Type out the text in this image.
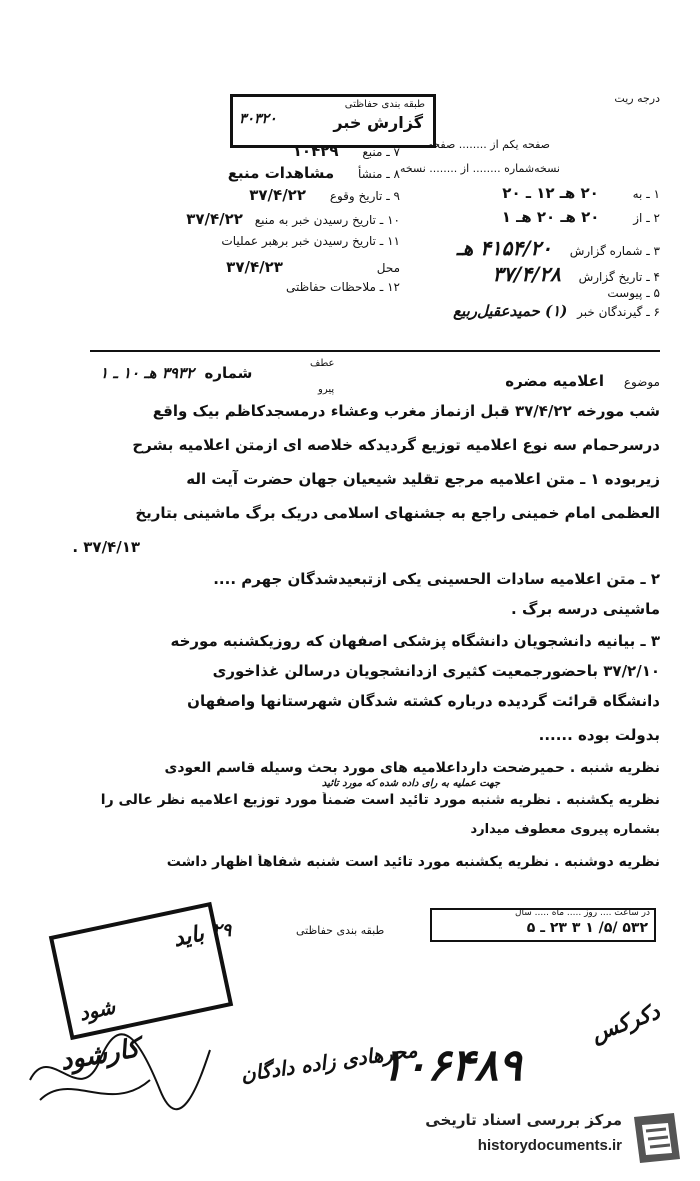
درجه ریت
طبقه بندی حفاظتی
گزارش خبر
٣٠٣٢٠
صفحه یکم از ........ صفحه
نسخه‌شماره ........ از ........ نسخه
۱ ـ به ۲۰ هـ ۱۲ ـ ۲۰
۲ ـ از ۲۰ هـ ۲۰ هـ ۱
۳ ـ شماره گزارش ۴۱۵۴/۲۰ هـ
۴ ـ تاریخ گزارش ۳۷/۴/۲۸
۵ ـ پیوست
۶ ـ گیرندگان خبر (۱) حمیدعقیل‌ربیع
۷ ـ منبع ۱۰۴۲۹
۸ ـ منشأ مشاهدات منبع
۹ ـ تاریخ وقوع ۳۷/۴/۲۲
۱۰ ـ تاریخ رسیدن خبر به منبع ۳۷/۴/۲۲
۱۱ ـ تاریخ رسیدن خبر برهبر عملیات
محل ۳۷/۴/۲۳
۱۲ ـ ملاحظات حفاظتی
موضوع اعلامیه مضره
عطف
پیرو
شماره ۳۹۳۲ هـ ۱۰ ـ ۱
شب مورخه ۳۷/۴/۲۲ قبل ازنماز مغرب وعشاء درمسجدکاظم بیک واقع
درسرحمام سه نوع اعلامیه توزیع گردیدکه خلاصه ای ازمتن اعلامیه بشرح
زیربوده ۱ ـ متن اعلامیه مرجع تقلید شیعیان جهان حضرت آیت اله
العظمی امام خمینی راجع به جشنهای اسلامی دریک برگ ماشینی بتاریخ
۳۷/۴/۱۳ .
۲ ـ متن اعلامیه سادات الحسینی یکی ازتبعیدشدگان جهرم ....
ماشینی درسه برگ .
۳ ـ بیانیه دانشجویان دانشگاه پزشکی اصفهان که روزیکشنبه مورخه
۳۷/۲/۱۰ باحضورجمعیت کثیری ازدانشجویان درسالن غذاخوری
دانشگاه قرائت گردیده درباره کشته شدگان شهرستانها واصفهان
بدولت بوده ......
نظریه شنبه . حمیرضحت دارداعلامیه های مورد بحث وسیله قاسم العودی
جهت عملیه به رای داده شده که مورد تائید
نظریه یکشنبه . نظریه شنبه مورد تائید است ضمناً مورد توزیع اعلامیه نظر عالی را
بشماره پیروی معطوف میدارد
نظریه دوشنبه . نظریه یکشنبه مورد تائید است شنبه شفاهاً اظهار داشت
در ساعت .... روز ..... ماه ..... سال
۵۳۲ /۵/ ۱ ۳ ۲۳ ـ ۵
طبقه بندی حفاظتی
باید
شود
۲۹
۱۰۶۴۸۹
محرهادی زاده دادگان
دکرکس
کارشود
مرکز بررسی اسناد تاریخی
historydocuments.ir
